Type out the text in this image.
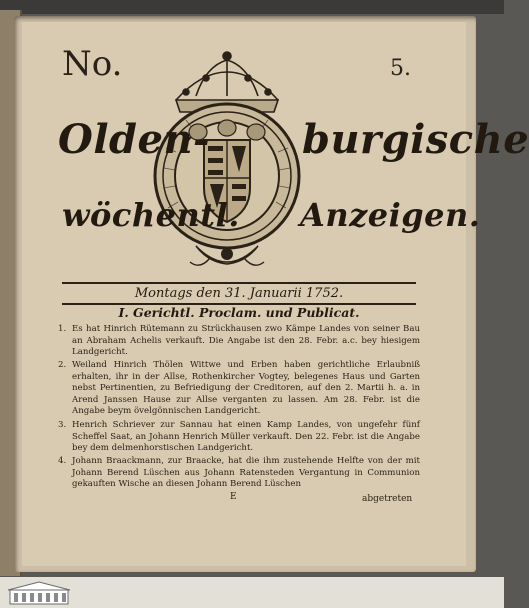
No.	5.
Olden- burgische
wöchentl. Anzeigen.
Montags den 31. Januarii 1752.
I. Gerichtl. Proclam. und Publicat.
1. Es hat Hinrich Rütemann zu Strückhausen zwo Kämpe Landes von seiner Bau an Abraham Achelis verkauft. Die Angabe ist den 28. Febr. a.c. bey hiesigem Landgericht.
2. Weiland Hinrich Thölen Wittwe und Erben haben gerichtliche Erlaubniß erhalten, ihr in der Allse, Rothenkircher Vogtey, belegenes Haus und Garten nebst Pertinentien, zu Befriedigung der Creditoren, auf den 2. Martii h. a. in Arend Janssen Hause zur Allse verganten zu lassen. Am 28. Febr. ist die Angabe beym övelgönnischen Landgericht.
3. Henrich Schriever zur Sannau hat einen Kamp Landes, von ungefehr fünf Scheffel Saat, an Johann Henrich Müller verkauft. Den 22. Febr. ist die Angabe bey dem delmenhorstischen Landgericht.
4. Johann Braackmann, zur Braacke, hat die ihm zustehende Helfte von der mit Johann Berend Lüschen aus Johann Ratensteden Vergantung in Communion gekauften Wische an diesen Johann Berend Lüschen
E	abgetreten
